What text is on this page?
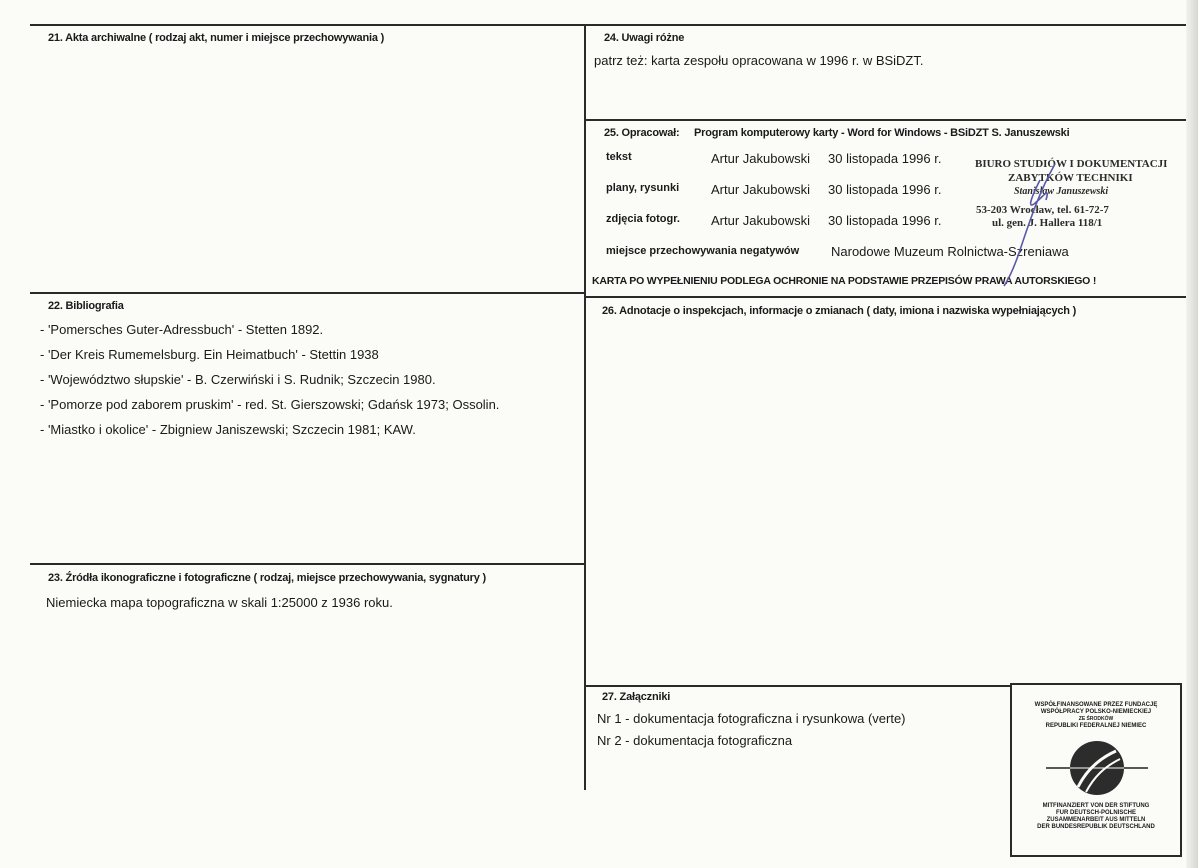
21. Akta archiwalne ( rodzaj akt, numer i miejsce przechowywania )
22. Bibliografia
- 'Pomersches Guter-Adressbuch' - Stetten 1892.
- 'Der Kreis Rumemelsburg. Ein Heimatbuch' - Stettin 1938
- 'Województwo słupskie' - B. Czerwiński i S. Rudnik; Szczecin 1980.
- 'Pomorze pod zaborem pruskim' - red. St. Gierszowski; Gdańsk 1973; Ossolin.
- 'Miastko i okolice' - Zbigniew Janiszewski; Szczecin 1981; KAW.
23. Źródła ikonograficzne i fotograficzne ( rodzaj, miejsce przechowywania, sygnatury )
Niemiecka mapa topograficzna w skali 1:25000 z 1936 roku.
24. Uwagi różne
patrz też: karta zespołu opracowana w 1996 r. w BSiDZT.
25. Opracował: Program komputerowy karty - Word for Windows - BSiDZT S. Januszewski
tekst	Artur Jakubowski 30 listopada 1996 r.
plany, rysunki Artur Jakubowski 30 listopada 1996 r.
zdjęcia fotogr. Artur Jakubowski 30 listopada 1996 r.
miejsce przechowywania negatywów Narodowe Muzeum Rolnictwa-Szreniawa
KARTA PO WYPEŁNIENIU PODLEGA OCHRONIE NA PODSTAWIE PRZEPISÓW PRAWA AUTORSKIEGO !
BIURO STUDIÓW I DOKUMENTACJI
ZABYTKÓW TECHNIKI
Stanisław Januszewski
53-203 Wrocław, tel. 61-72-7
ul. gen. J. Hallera 118/1
26. Adnotacje o inspekcjach, informacje o zmianach ( daty, imiona i nazwiska wypełniających )
27. Załączniki
Nr 1 - dokumentacja fotograficzna i rysunkowa (verte)
Nr 2 - dokumentacja fotograficzna
WSPÓŁFINANSOWANE PRZEZ FUNDACJĘ
WSPÓŁPRACY POLSKO-NIEMIECKIEJ
ZE ŚRODKÓW
REPUBLIKI FEDERALNEJ NIEMIEC
MITFINANZIERT VON DER STIFTUNG
FUR DEUTSCH-POLNISCHE
ZUSAMMENARBEIT AUS MITTELN
DER BUNDESREPUBLIK DEUTSCHLAND
